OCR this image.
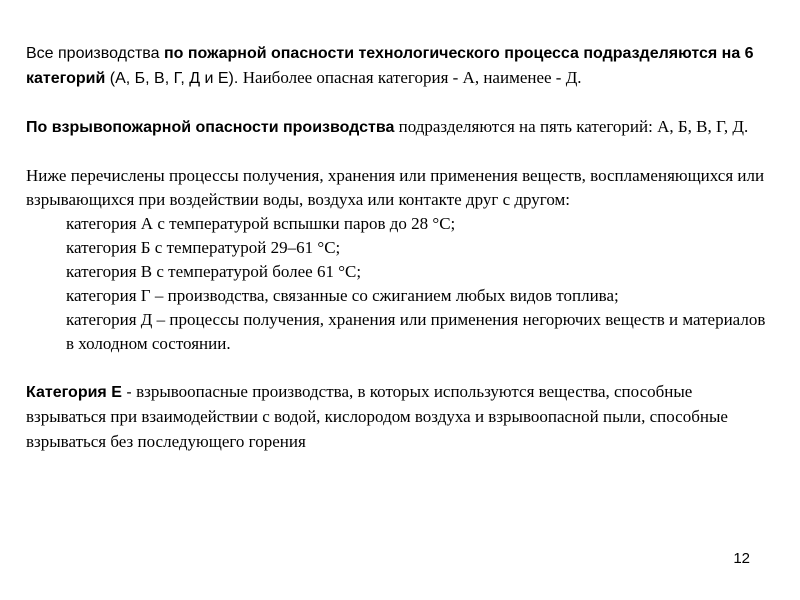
Все производства по пожарной опасности технологического процесса подразделяются на 6 категорий (А, Б, В, Г, Д и Е). Наиболее опасная категория - А, наименее - Д.

По взрывопожарной опасности производства подразделяются на пять категорий: А, Б, В, Г, Д.

Ниже перечислены процессы получения, хранения или применения веществ, воспламеняющихся или взрывающихся при воздействии воды, воздуха или контакте друг с другом:

категория А с температурой вспышки паров до 28 °С;
категория Б с температурой 29–61 °С;
категория В с температурой более 61 °С;
категория Г – производства, связанные со сжиганием любых видов топлива;
категория Д – процессы получения, хранения или применения негорючих веществ и материалов в холодном состоянии.

Категория Е - взрывоопасные производства, в которых используются вещества, способные взрываться при взаимодействии с водой, кислородом воздуха и взрывоопасной пыли, способные взрываться без последующего горения

12
